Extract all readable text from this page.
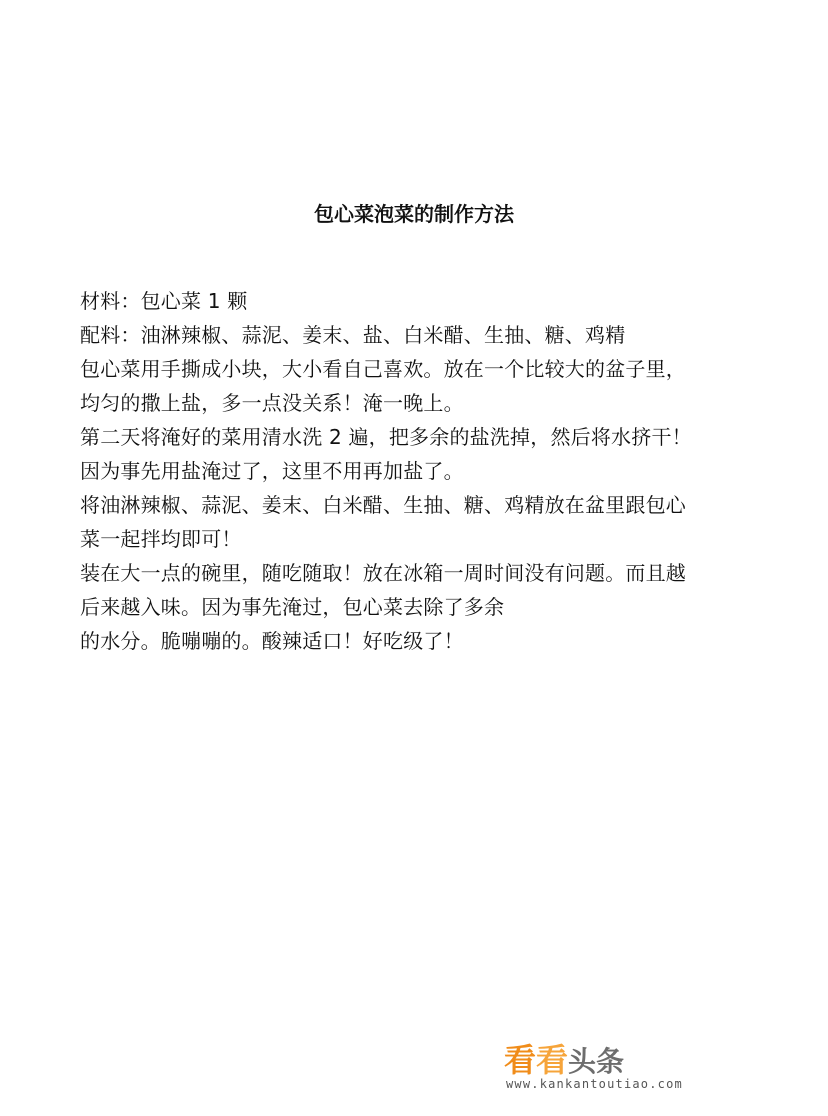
包心菜泡菜的制作方法

材料：包心菜 1 颗

配料：油淋辣椒、蒜泥、姜末、盐、白米醋、生抽、糖、鸡精

包心菜用手撕成小块，大小看自己喜欢。放在一个比较大的盆子里，

均匀的撒上盐，多一点没关系！淹一晚上。

第二天将淹好的菜用清水洗 2 遍，把多余的盐洗掉，然后将水挤干！

因为事先用盐淹过了，这里不用再加盐了。

将油淋辣椒、蒜泥、姜末、白米醋、生抽、糖、鸡精放在盆里跟包心

菜一起拌均即可！

装在大一点的碗里，随吃随取！放在冰箱一周时间没有问题。而且越

后来越入味。因为事先淹过，包心菜去除了多余

的水分。脆嘣嘣的。酸辣适口！好吃级了！

看看头条
www.kankantoutiao.com
